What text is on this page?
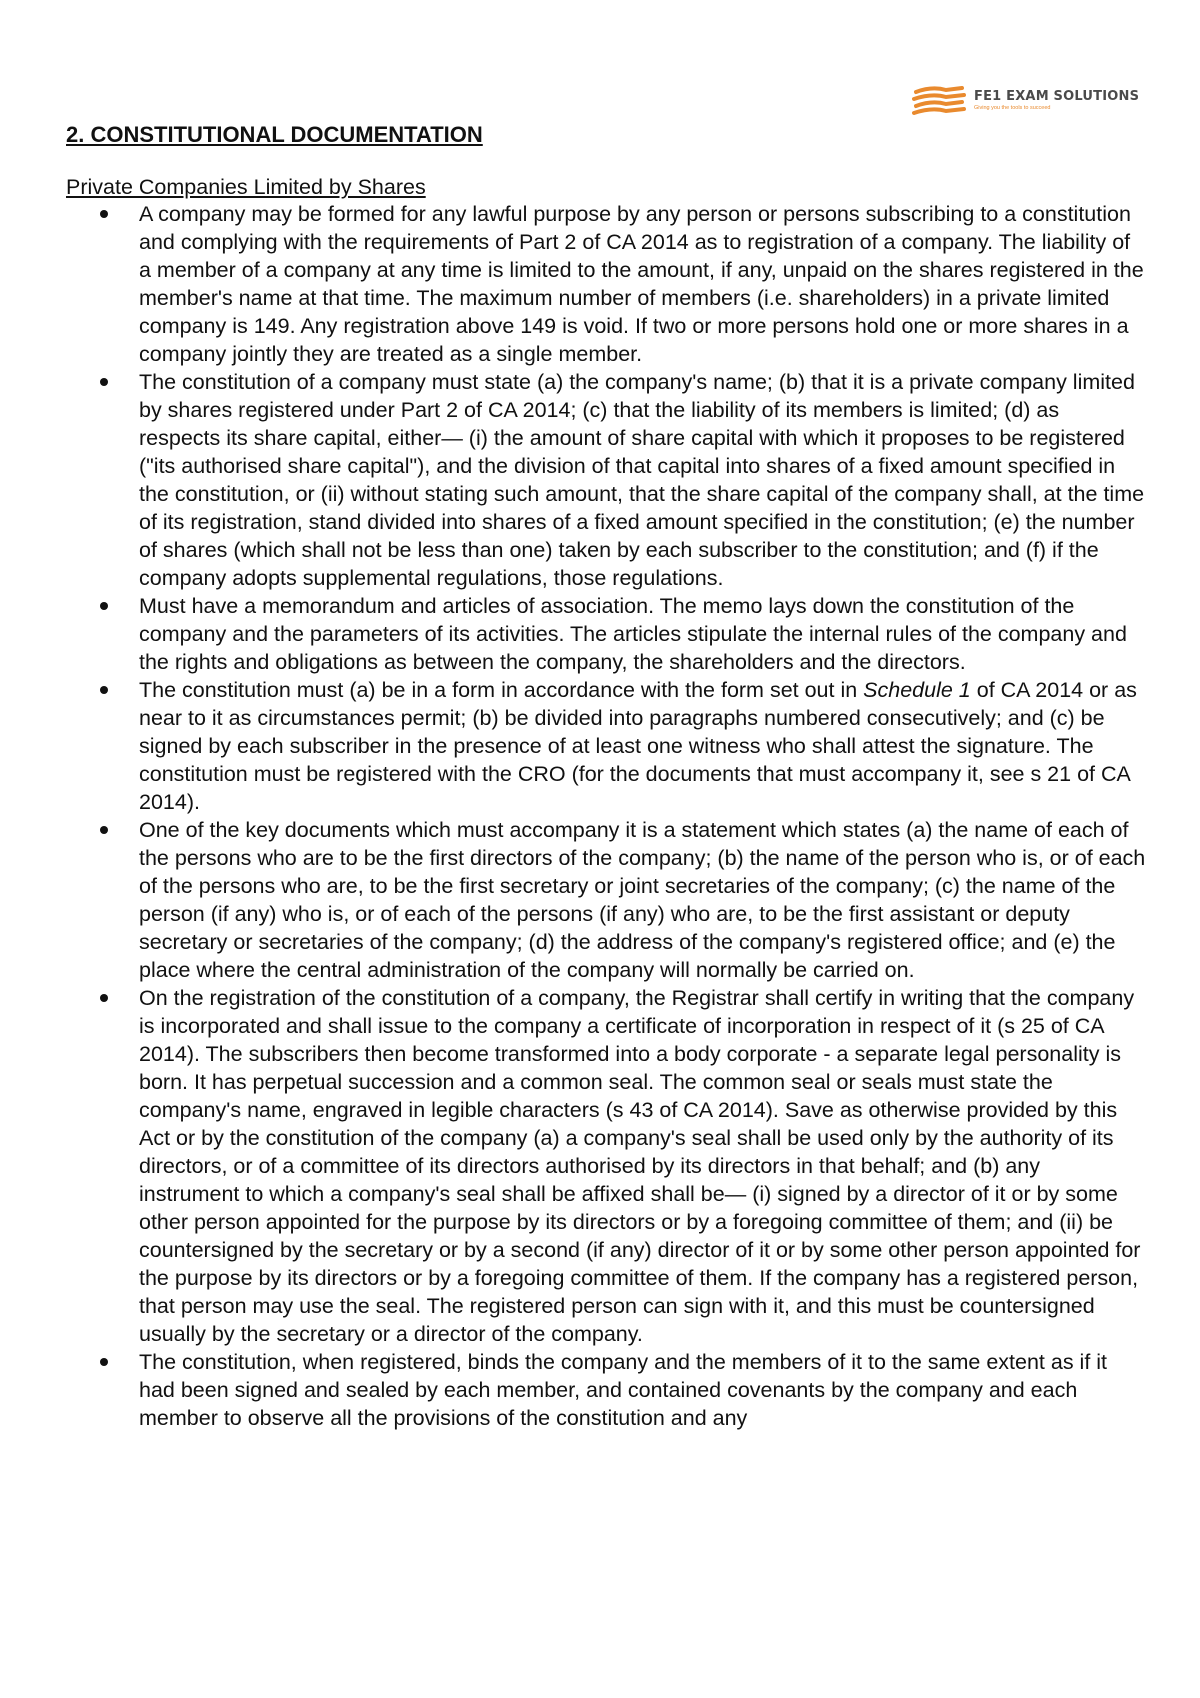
FE1 EXAM SOLUTIONS
Giving you the tools to succeed
2. CONSTITUTIONAL DOCUMENTATION
Private Companies Limited by Shares
A company may be formed for any lawful purpose by any person or persons subscribing to a constitution and complying with the requirements of Part 2 of CA 2014 as to registration of a company. The liability of a member of a company at any time is limited to the amount, if any, unpaid on the shares registered in the member's name at that time. The maximum number of members (i.e. shareholders) in a private limited company is 149. Any registration above 149 is void. If two or more persons hold one or more shares in a company jointly they are treated as a single member.
The constitution of a company must state (a) the company's name; (b) that it is a private company limited by shares registered under Part 2 of CA 2014; (c) that the liability of its members is limited; (d) as respects its share capital, either— (i) the amount of share capital with which it proposes to be registered ("its authorised share capital"), and the division of that capital into shares of a fixed amount specified in the constitution, or (ii) without stating such amount, that the share capital of the company shall, at the time of its registration, stand divided into shares of a fixed amount specified in the constitution; (e) the number of shares (which shall not be less than one) taken by each subscriber to the constitution; and (f) if the company adopts supplemental regulations, those regulations.
Must have a memorandum and articles of association. The memo lays down the constitution of the company and the parameters of its activities. The articles stipulate the internal rules of the company and the rights and obligations as between the company, the shareholders and the directors.
The constitution must (a) be in a form in accordance with the form set out in Schedule 1 of CA 2014 or as near to it as circumstances permit; (b) be divided into paragraphs numbered consecutively; and (c) be signed by each subscriber in the presence of at least one witness who shall attest the signature. The constitution must be registered with the CRO (for the documents that must accompany it, see s 21 of CA 2014).
One of the key documents which must accompany it is a statement which states (a) the name of each of the persons who are to be the first directors of the company; (b) the name of the person who is, or of each of the persons who are, to be the first secretary or joint secretaries of the company; (c) the name of the person (if any) who is, or of each of the persons (if any) who are, to be the first assistant or deputy secretary or secretaries of the company; (d) the address of the company's registered office; and (e) the place where the central administration of the company will normally be carried on.
On the registration of the constitution of a company, the Registrar shall certify in writing that the company is incorporated and shall issue to the company a certificate of incorporation in respect of it (s 25 of CA 2014). The subscribers then become transformed into a body corporate - a separate legal personality is born. It has perpetual succession and a common seal. The common seal or seals must state the company's name, engraved in legible characters (s 43 of CA 2014). Save as otherwise provided by this Act or by the constitution of the company (a) a company's seal shall be used only by the authority of its directors, or of a committee of its directors authorised by its directors in that behalf; and (b) any instrument to which a company's seal shall be affixed shall be— (i) signed by a director of it or by some other person appointed for the purpose by its directors or by a foregoing committee of them; and (ii) be countersigned by the secretary or by a second (if any) director of it or by some other person appointed for the purpose by its directors or by a foregoing committee of them. If the company has a registered person, that person may use the seal. The registered person can sign with it, and this must be countersigned usually by the secretary or a director of the company.
The constitution, when registered, binds the company and the members of it to the same extent as if it had been signed and sealed by each member, and contained covenants by the company and each member to observe all the provisions of the constitution and any
